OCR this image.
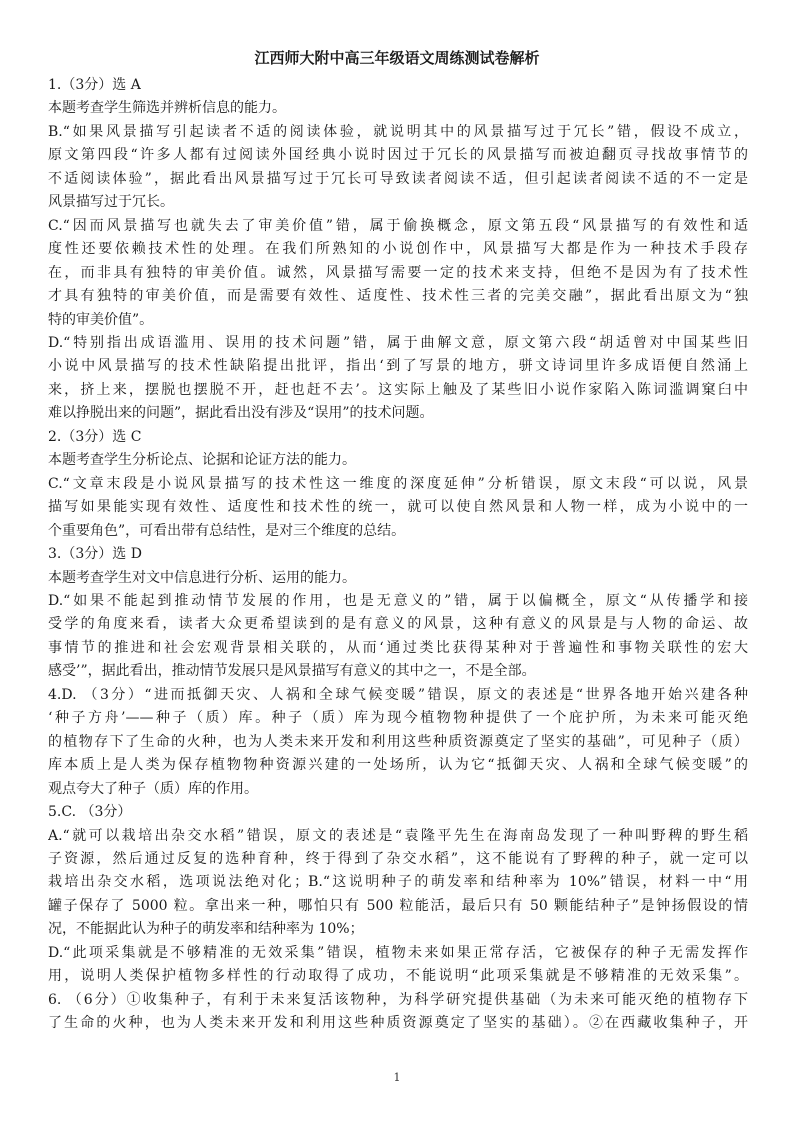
江西师大附中高三年级语文周练测试卷解析

1.（3分）选 A

本题考查学生筛选并辨析信息的能力。

B.“如果风景描写引起读者不适的阅读体验，就说明其中的风景描写过于冗长”错，假设不成立，

原文第四段“许多人都有过阅读外国经典小说时因过于冗长的风景描写而被迫翻页寻找故事情节的

不适阅读体验”，据此看出风景描写过于冗长可导致读者阅读不适，但引起读者阅读不适的不一定是

风景描写过于冗长。

C.“因而风景描写也就失去了审美价值”错，属于偷换概念，原文第五段“风景描写的有效性和适

度性还要依赖技术性的处理。在我们所熟知的小说创作中，风景描写大都是作为一种技术手段存

在，而非具有独特的审美价值。诚然，风景描写需要一定的技术来支持，但绝不是因为有了技术性

才具有独特的审美价值，而是需要有效性、适度性、技术性三者的完美交融”，据此看出原文为“独

特的审美价值”。

D.“特别指出成语滥用、误用的技术问题”错，属于曲解文意，原文第六段“胡适曾对中国某些旧

小说中风景描写的技术性缺陷提出批评，指出‘到了写景的地方，骈文诗词里许多成语便自然涌上

来，挤上来，摆脱也摆脱不开，赶也赶不去’。这实际上触及了某些旧小说作家陷入陈词滥调窠臼中

难以挣脱出来的问题”，据此看出没有涉及“误用”的技术问题。

2.（3分）选 C

本题考查学生分析论点、论据和论证方法的能力。

C.“文章末段是小说风景描写的技术性这一维度的深度延伸”分析错误，原文末段“可以说，风景

描写如果能实现有效性、适度性和技术性的统一，就可以使自然风景和人物一样，成为小说中的一

个重要角色”，可看出带有总结性，是对三个维度的总结。

3.（3分）选 D

本题考查学生对文中信息进行分析、运用的能力。

D.“如果不能起到推动情节发展的作用，也是无意义的”错，属于以偏概全，原文“从传播学和接

受学的角度来看，读者大众更希望读到的是有意义的风景，这种有意义的风景是与人物的命运、故

事情节的推进和社会宏观背景相关联的，从而‘通过类比获得某种对于普遍性和事物关联性的宏大

感受’”，据此看出，推动情节发展只是风景描写有意义的其中之一，不是全部。

4.D. （3分）“进而抵御天灾、人祸和全球气候变暖”错误，原文的表述是“世界各地开始兴建各种

‘种子方舟’——种子（质）库。种子（质）库为现今植物物种提供了一个庇护所，为未来可能灭绝

的植物存下了生命的火种，也为人类未来开发和利用这些种质资源奠定了坚实的基础”，可见种子（质）

库本质上是人类为保存植物物种资源兴建的一处场所，认为它“抵御天灾、人祸和全球气候变暖”的

观点夸大了种子（质）库的作用。

5.C. （3分）

A.“就可以栽培出杂交水稻”错误，原文的表述是“袁隆平先生在海南岛发现了一种叫野稗的野生稻

子资源，然后通过反复的选种育种，终于得到了杂交水稻”，这不能说有了野稗的种子，就一定可以

栽培出杂交水稻，选项说法绝对化；B.“这说明种子的萌发率和结种率为 10%”错误，材料一中“用

罐子保存了 5000 粒。拿出来一种，哪怕只有 500 粒能活，最后只有 50 颗能结种子”是钟扬假设的情

况，不能据此认为种子的萌发率和结种率为 10%；

D.“此项采集就是不够精准的无效采集”错误，植物未来如果正常存活，它被保存的种子无需发挥作

用，说明人类保护植物多样性的行动取得了成功，不能说明“此项采集就是不够精准的无效采集”。

6. （6分）①收集种子，有利于未来复活该物种，为科学研究提供基础（为未来可能灭绝的植物存下

了生命的火种，也为人类未来开发和利用这些种质资源奠定了坚实的基础）。②在西藏收集种子，开

1
